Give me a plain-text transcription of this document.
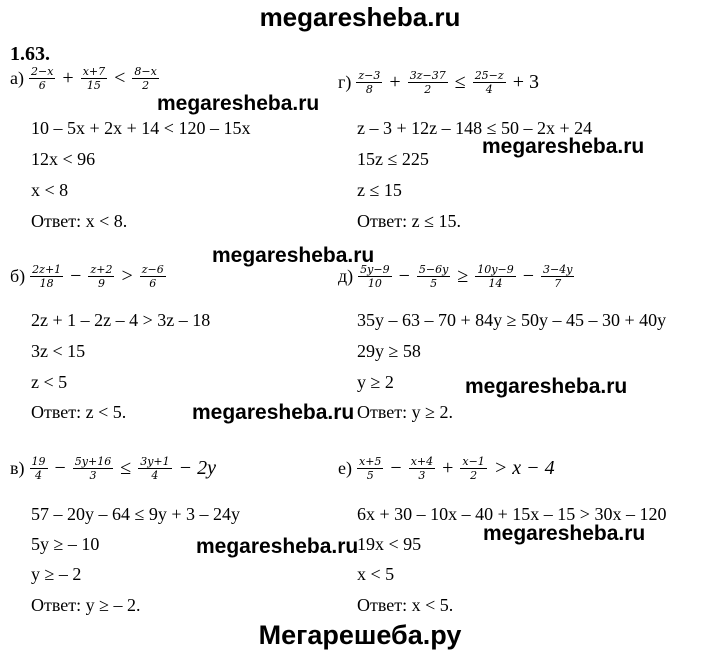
megaresheba.ru
1.63.
$а) \frac{2-x}{6} + \frac{x+7}{15} < \frac{8-x}{2}$
10 – 5x + 2x + 14 < 120 – 15x
12x < 96
x < 8
Ответ: x < 8.
$г) \frac{z-3}{8} + \frac{3z-37}{2} \le \frac{25-z}{4} + 3$
z – 3 + 12z – 148 ≤ 50 – 2x + 24
15z ≤ 225
z ≤ 15
Ответ: z ≤ 15.
$б) \frac{2z+1}{18} - \frac{z+2}{9} > \frac{z-6}{6}$
2z + 1 – 2z – 4 > 3z – 18
3z < 15
z < 5
Ответ: z < 5.
$д) \frac{5y-9}{10} - \frac{5-6y}{5} \ge \frac{10y-9}{14} - \frac{3-4y}{7}$
35y – 63 – 70 + 84y ≥ 50y – 45 – 30 + 40y
29y ≥ 58
y ≥ 2
Ответ: y ≥ 2.
$в) \frac{19}{4} - \frac{5y+16}{3} \le \frac{3y+1}{4} - 2y$
57 – 20y – 64 ≤ 9y + 3 – 24y
5y ≥ – 10
y ≥ – 2
Ответ: y ≥ – 2.
$е) \frac{x+5}{5} - \frac{x+4}{3} + \frac{x-1}{2} > x - 4$
6x + 30 – 10x – 40 + 15x – 15 > 30x – 120
19x < 95
x < 5
Ответ: x < 5.
megaresheba.ru
megaresheba.ru
megaresheba.ru
megaresheba.ru
megaresheba.ru
megaresheba.ru
megaresheba.ru
Мегарешеба.ру
